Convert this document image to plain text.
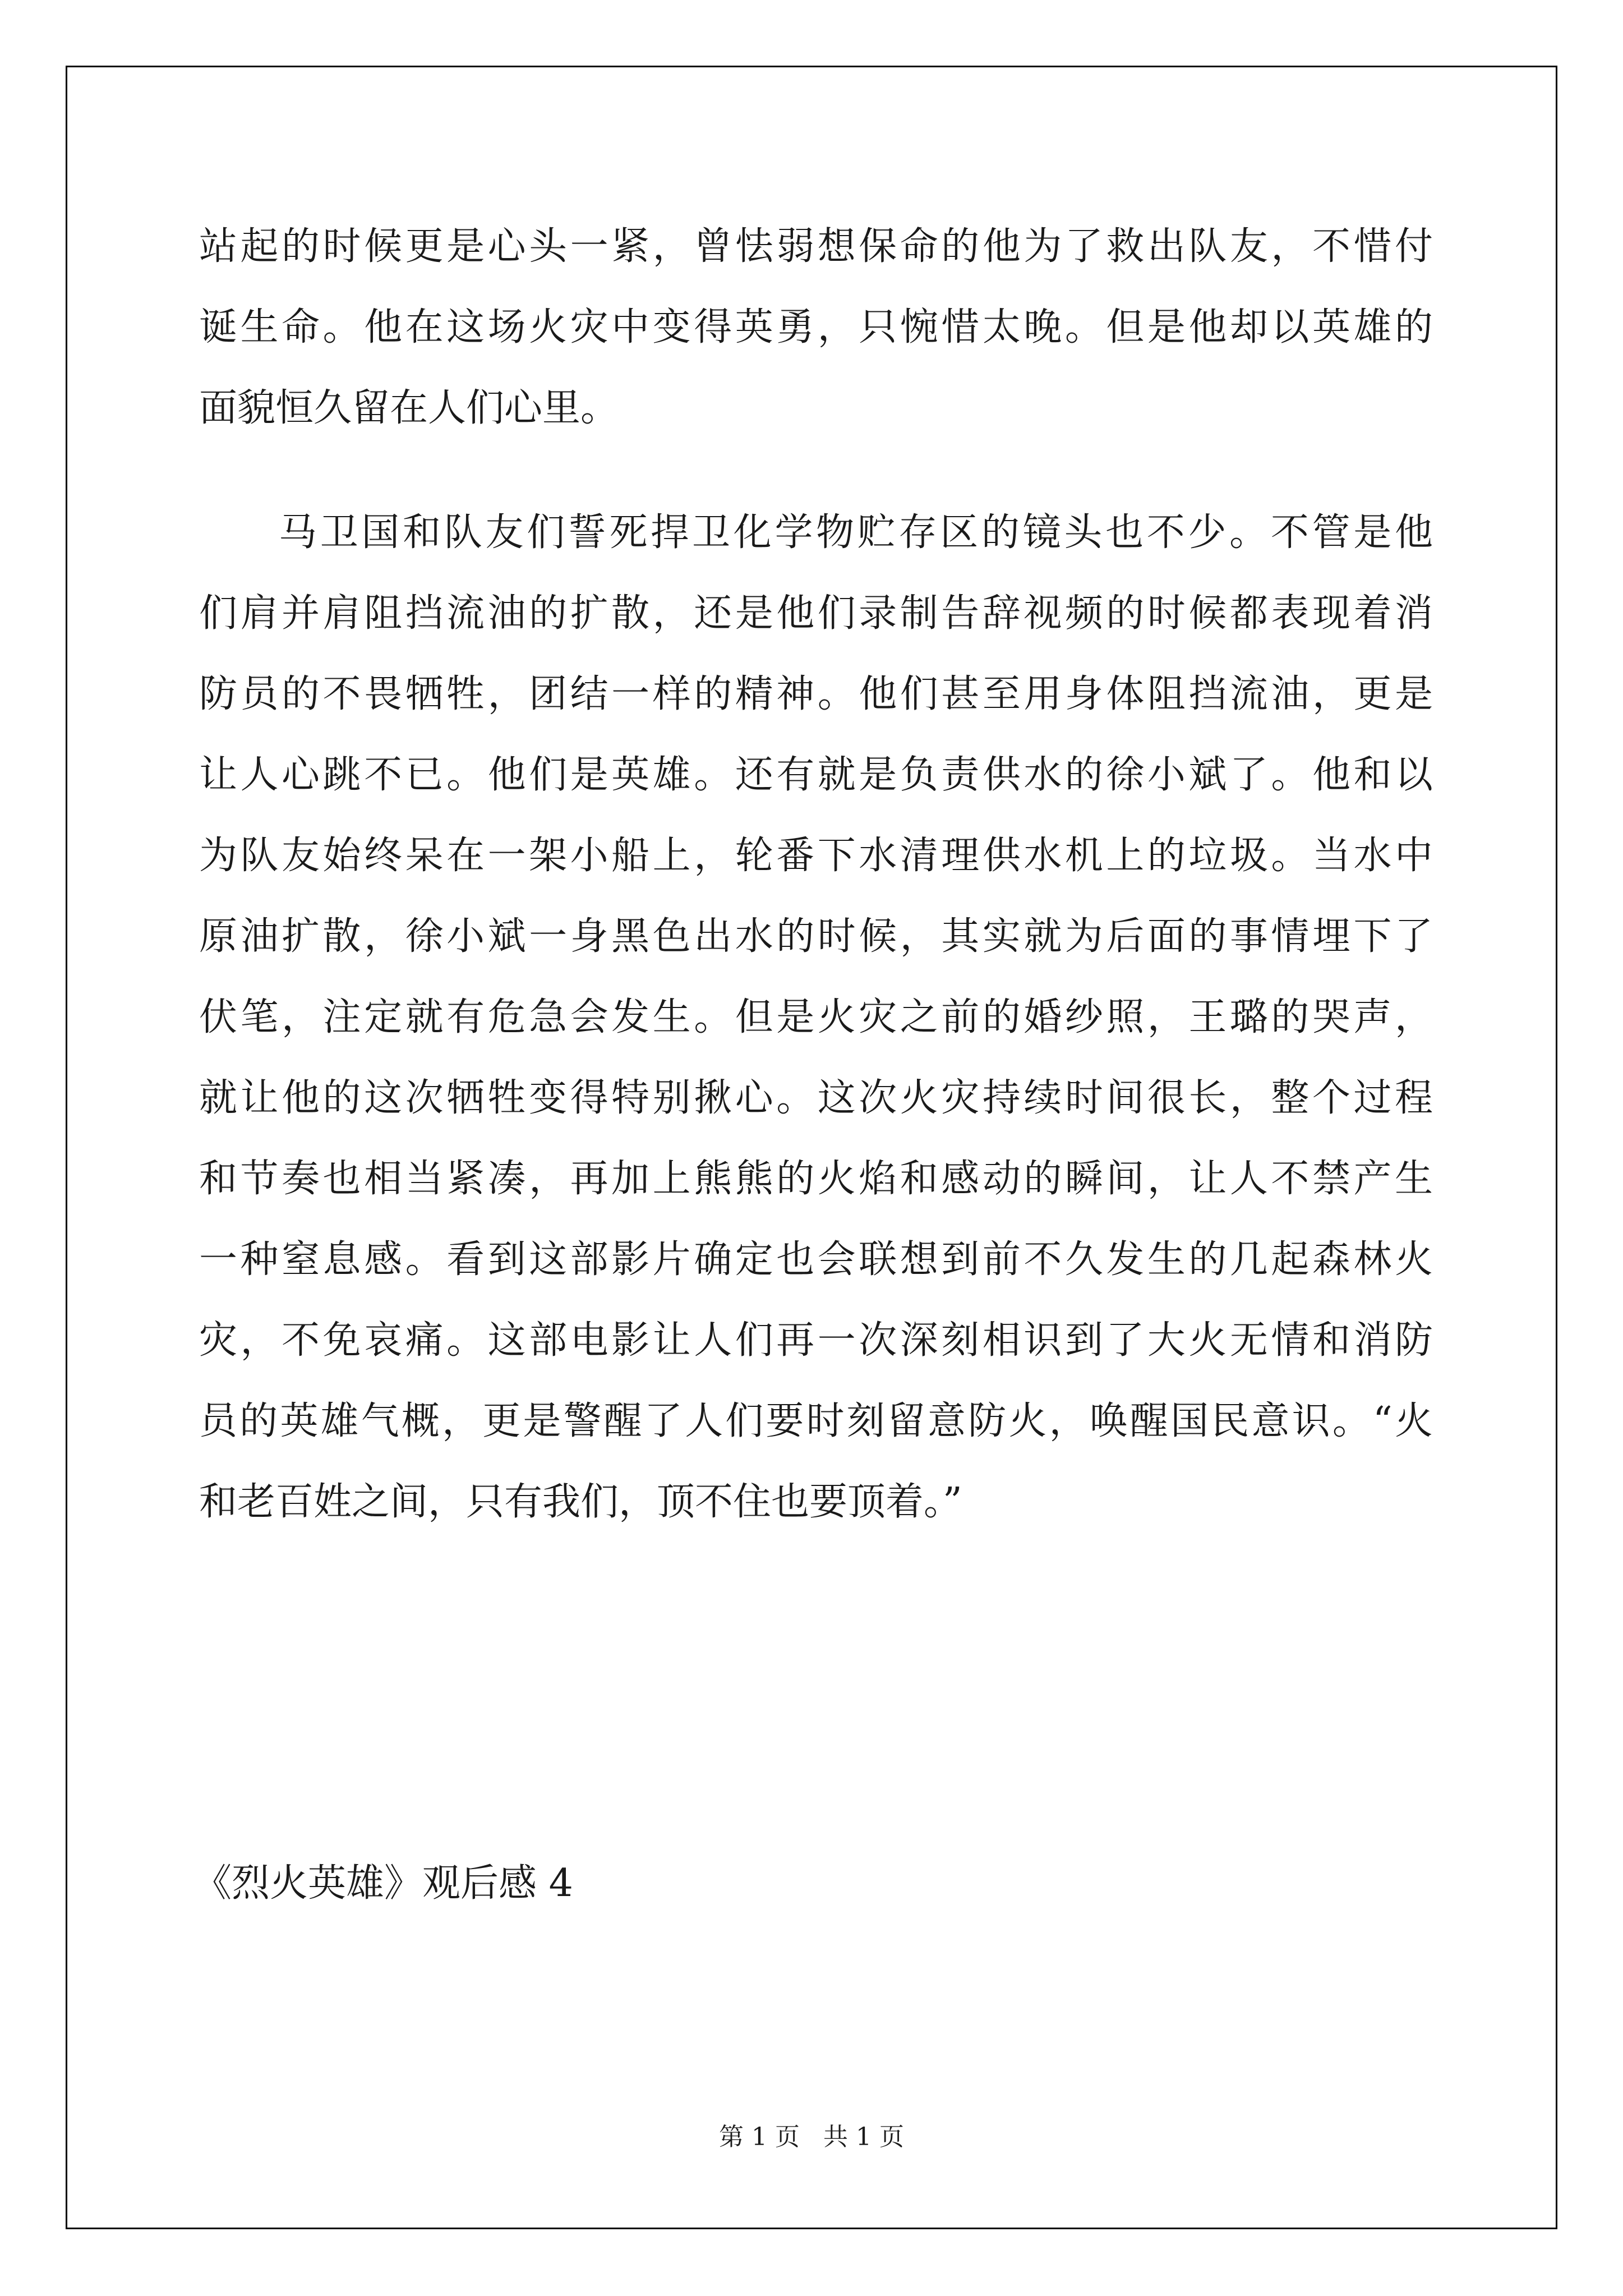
站起的时候更是心头一紧，曾怯弱想保命的他为了救出队友，不惜付
诞生命。他在这场火灾中变得英勇，只惋惜太晚。但是他却以英雄的
面貌恒久留在人们心里。
马卫国和队友们誓死捍卫化学物贮存区的镜头也不少。不管是他
们肩并肩阻挡流油的扩散，还是他们录制告辞视频的时候都表现着消
防员的不畏牺牲，团结一样的精神。他们甚至用身体阻挡流油，更是
让人心跳不已。他们是英雄。还有就是负责供水的徐小斌了。他和以
为队友始终呆在一架小船上，轮番下水清理供水机上的垃圾。当水中
原油扩散，徐小斌一身黑色出水的时候，其实就为后面的事情埋下了
伏笔，注定就有危急会发生。但是火灾之前的婚纱照，王璐的哭声，
就让他的这次牺牲变得特别揪心。这次火灾持续时间很长，整个过程
和节奏也相当紧凑，再加上熊熊的火焰和感动的瞬间，让人不禁产生
一种窒息感。看到这部影片确定也会联想到前不久发生的几起森林火
灾，不免哀痛。这部电影让人们再一次深刻相识到了大火无情和消防
员的英雄气概，更是警醒了人们要时刻留意防火，唤醒国民意识。“火
和老百姓之间，只有我们，顶不住也要顶着。”
《烈火英雄》观后感 4
第 1 页 共 1 页
